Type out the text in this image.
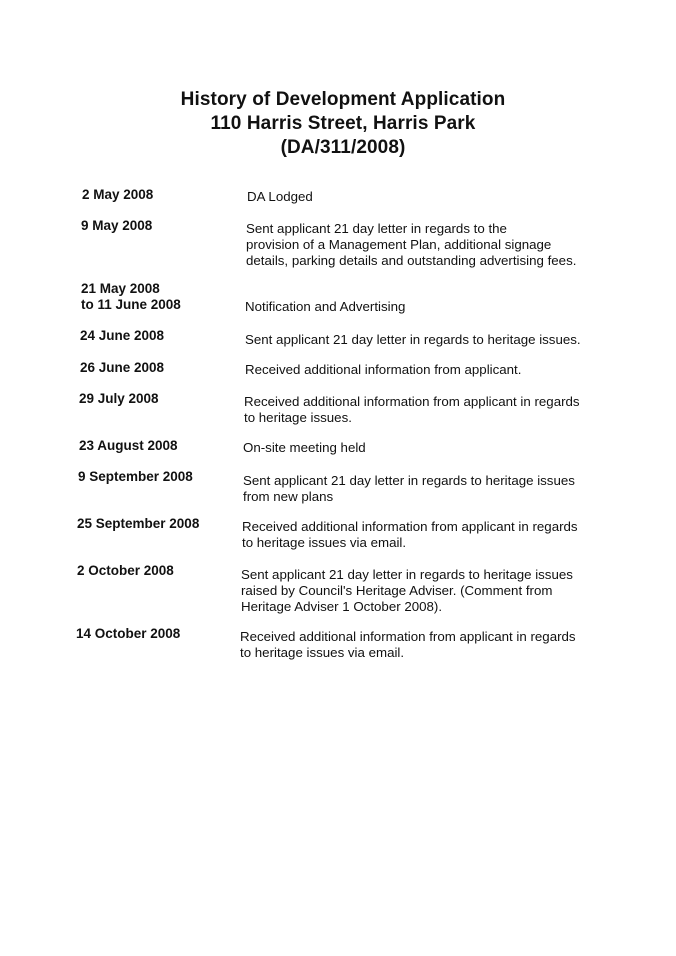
History of Development Application
110 Harris Street, Harris Park
(DA/311/2008)
2 May 2008	DA Lodged
9 May 2008	Sent applicant 21 day letter in regards to the
provision of a Management Plan, additional signage
details, parking details and outstanding advertising fees.
21 May 2008
to 11 June 2008	Notification and Advertising
24 June 2008	Sent applicant 21 day letter in regards to heritage issues.
26 June 2008	Received additional information from applicant.
29 July 2008	Received additional information from applicant in regards
to heritage issues.
23 August 2008	On-site meeting held
9 September 2008	Sent applicant 21 day letter in regards to heritage issues
from new plans
25 September 2008	Received additional information from applicant in regards
to heritage issues via email.
2 October 2008	Sent applicant 21 day letter in regards to heritage issues
raised by Council's Heritage Adviser. (Comment from
Heritage Adviser 1 October 2008).
14 October 2008	Received additional information from applicant in regards
to heritage issues via email.
